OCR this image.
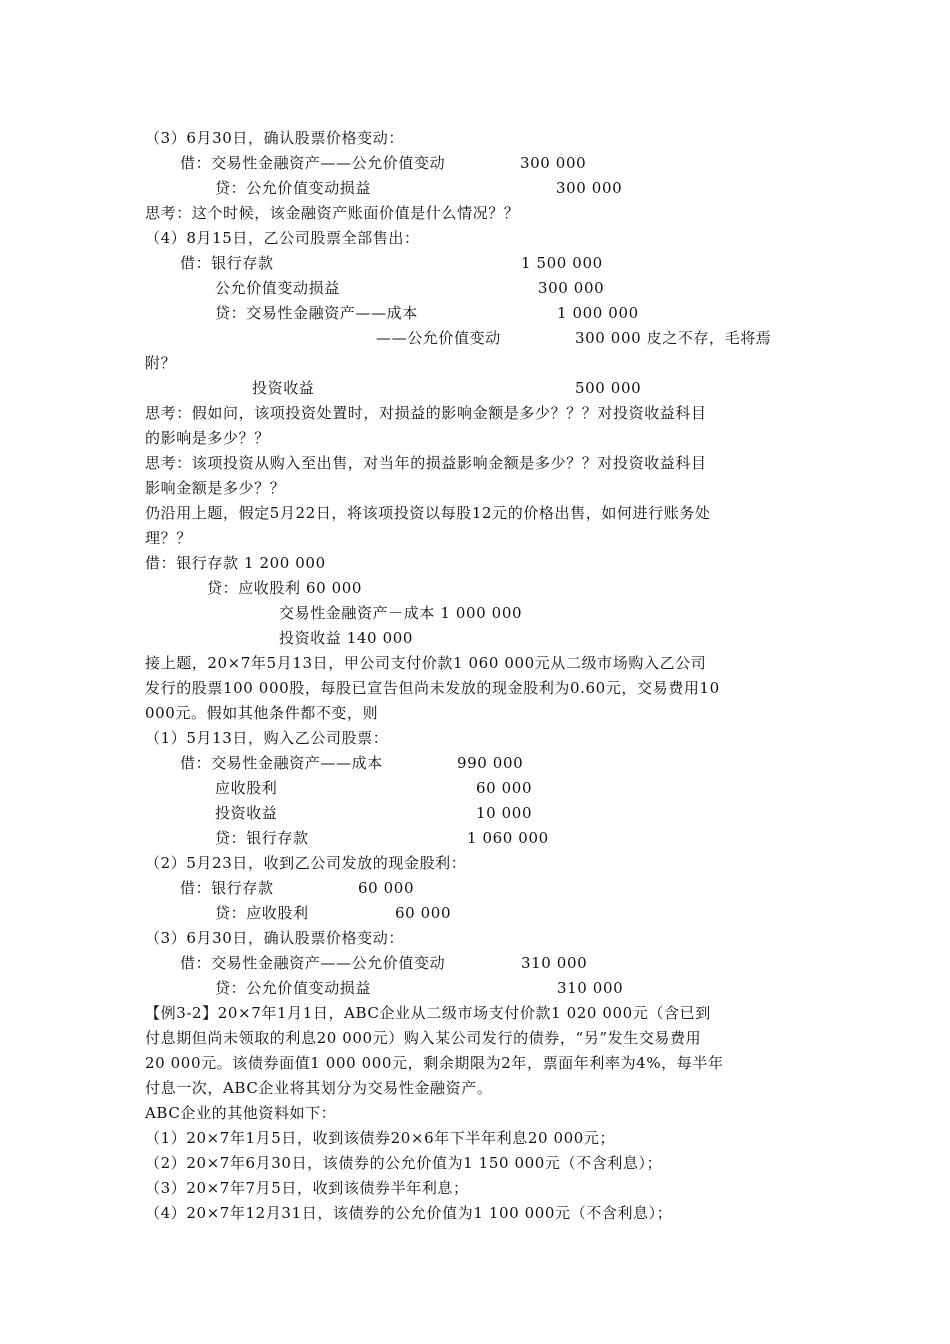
（3）6月30日，确认股票价格变动：
借：交易性金融资产——公允价值变动	300 000
贷：公允价值变动损益	300 000
思考：这个时候，该金融资产账面价值是什么情况？？
（4）8月15日，乙公司股票全部售出：
借：银行存款	1 500 000
公允价值变动损益	300 000
贷：交易性金融资产——成本	1 000 000
——公允价值变动	300 000 皮之不存，毛将焉
附？
投资收益	500 000
思考：假如问，该项投资处置时，对损益的影响金额是多少？？？对投资收益科目
的影响是多少？？
思考：该项投资从购入至出售，对当年的损益影响金额是多少？？对投资收益科目
影响金额是多少？？
仍沿用上题，假定5月22日，将该项投资以每股12元的价格出售，如何进行账务处
理？？
借：银行存款 1 200 000
贷：应收股利 60 000
交易性金融资产－成本 1 000 000
投资收益 140 000
接上题，20×7年5月13日，甲公司支付价款1 060 000元从二级市场购入乙公司
发行的股票100 000股，每股已宣告但尚未发放的现金股利为0.60元，交易费用10
000元。假如其他条件都不变，则
（1）5月13日，购入乙公司股票：
借：交易性金融资产——成本	990 000
应收股利	60 000
投资收益	10 000
贷：银行存款	1 060 000
（2）5月23日，收到乙公司发放的现金股利：
借：银行存款	60 000
贷：应收股利	60 000
（3）6月30日，确认股票价格变动：
借：交易性金融资产——公允价值变动	310 000
贷：公允价值变动损益	310 000
【例3-2】20×7年1月1日，ABC企业从二级市场支付价款1 020 000元（含已到
付息期但尚未领取的利息20 000元）购入某公司发行的债券，“另”发生交易费用
20 000元。该债券面值1 000 000元，剩余期限为2年，票面年利率为4%，每半年
付息一次，ABC企业将其划分为交易性金融资产。
ABC企业的其他资料如下：
（1）20×7年1月5日，收到该债券20×6年下半年利息20 000元；
（2）20×7年6月30日，该债券的公允价值为1 150 000元（不含利息）；
（3）20×7年7月5日，收到该债券半年利息；
（4）20×7年12月31日，该债券的公允价值为1 100 000元（不含利息）；
